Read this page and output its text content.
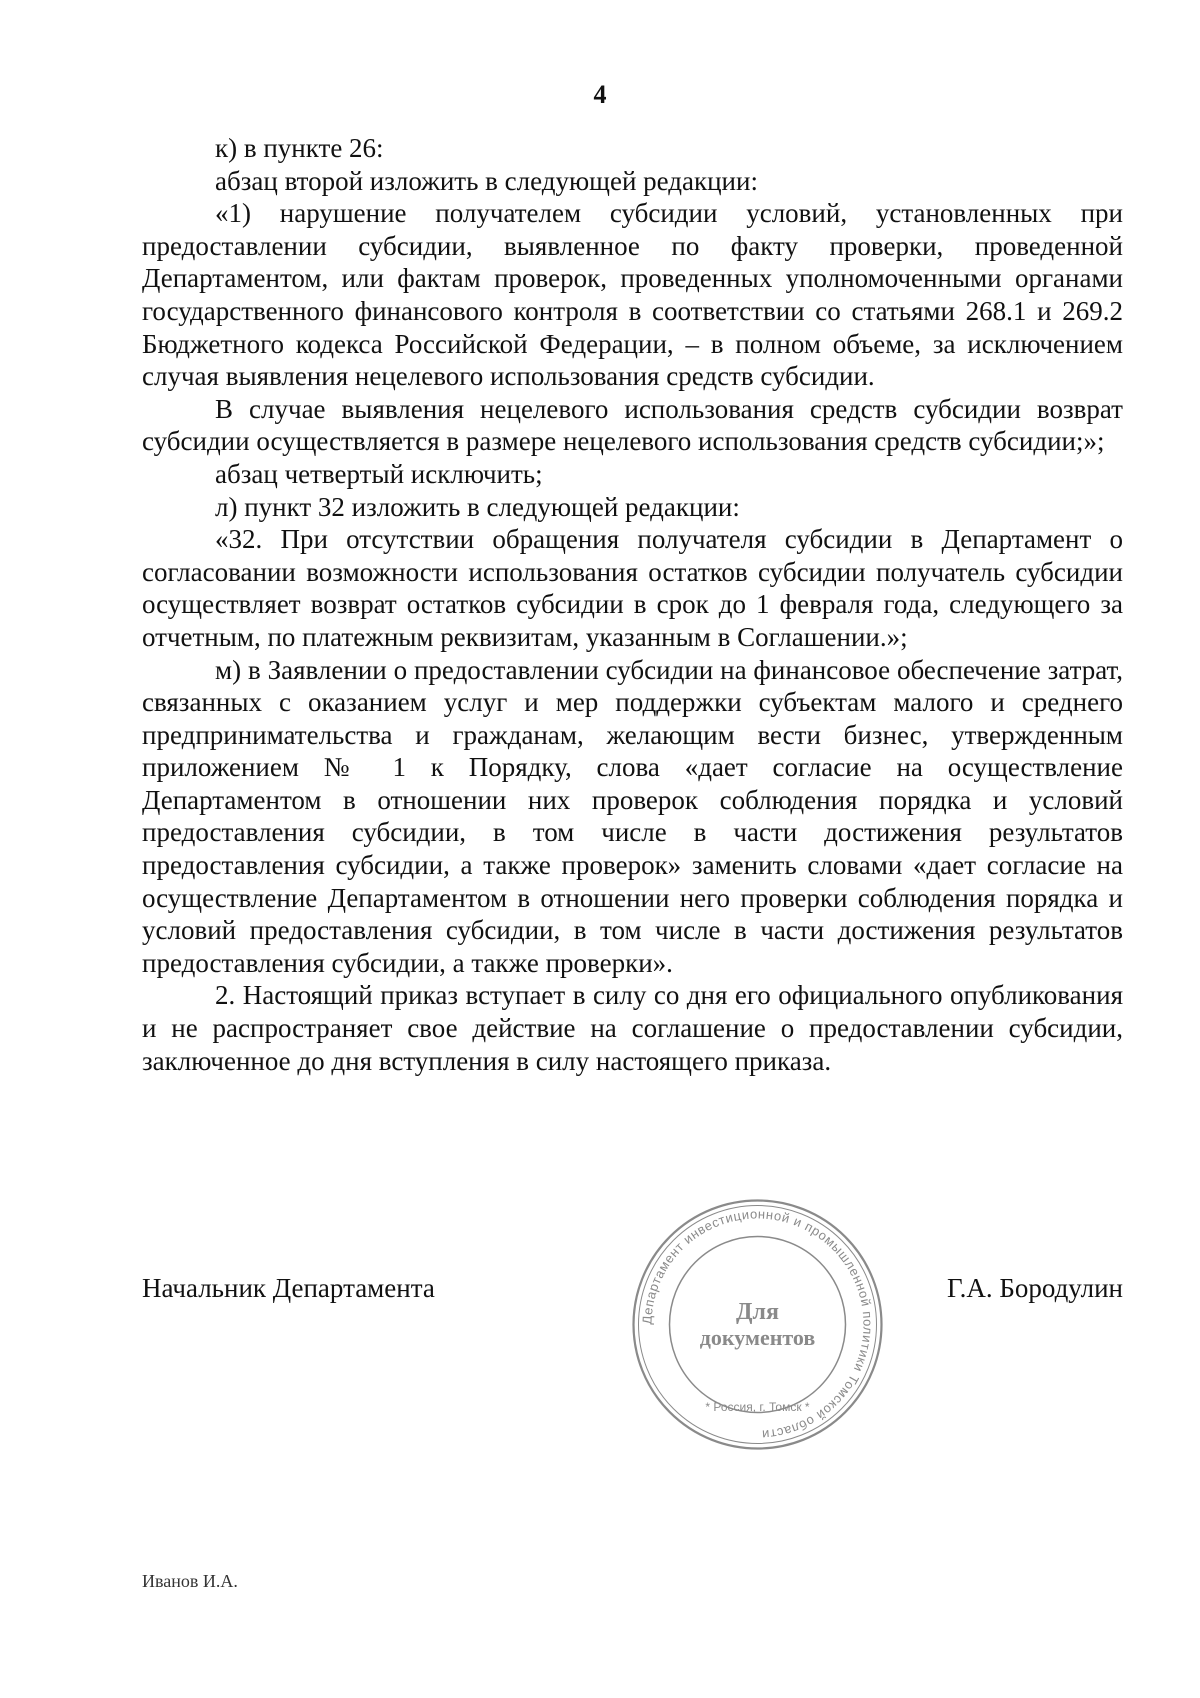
4

к) в пункте 26:

абзац второй изложить в следующей редакции:

«1) нарушение получателем субсидии условий, установленных при предоставлении субсидии, выявленное по факту проверки, проведенной Департаментом, или фактам проверок, проведенных уполномоченными органами государственного финансового контроля в соответствии со статьями 268.1 и 269.2 Бюджетного кодекса Российской Федерации, – в полном объеме, за исключением случая выявления нецелевого использования средств субсидии.

В случае выявления нецелевого использования средств субсидии возврат субсидии осуществляется в размере нецелевого использования средств субсидии;»;

абзац четвертый исключить;

л) пункт 32 изложить в следующей редакции:

«32. При отсутствии обращения получателя субсидии в Департамент о согласовании возможности использования остатков субсидии получатель субсидии осуществляет возврат остатков субсидии в срок до 1 февраля года, следующего за отчетным, по платежным реквизитам, указанным в Соглашении.»;

м) в Заявлении о предоставлении субсидии на финансовое обеспечение затрат, связанных с оказанием услуг и мер поддержки субъектам малого и среднего предпринимательства и гражданам, желающим вести бизнес, утвержденным приложением № 1 к Порядку, слова «дает согласие на осуществление Департаментом в отношении них проверок соблюдения порядка и условий предоставления субсидии, в том числе в части достижения результатов предоставления субсидии, а также проверок» заменить словами «дает согласие на осуществление Департаментом в отношении него проверки соблюдения порядка и условий предоставления субсидии, в том числе в части достижения результатов предоставления субсидии, а также проверки».

2. Настоящий приказ вступает в силу со дня его официального опубликования и не распространяет свое действие на соглашение о предоставлении субсидии, заключенное до дня вступления в силу настоящего приказа.

Начальник Департамента
Департамент инвестиционной и промышленной политики Томской области
* Россия, г. Томск *
Для
документов
Г.А. Бородулин
Иванов И.А.
